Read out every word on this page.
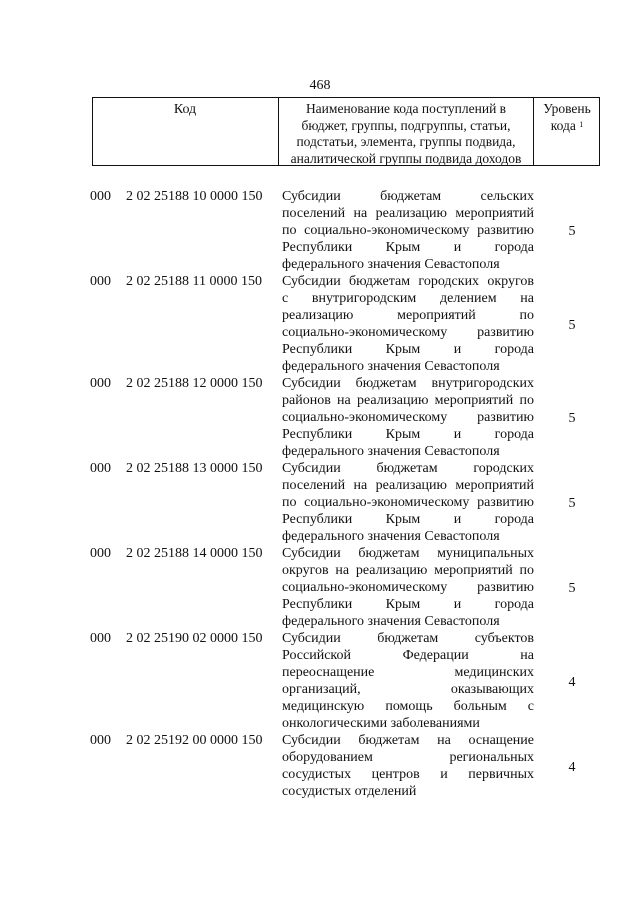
468
Код	Наименование кода поступлений в
бюджет, группы, подгруппы, статьи,
подстатьи, элемента, группы подвида,
аналитической группы подвида доходов
Уровень
кода $^1$
000 2 02 25188 10 0000 150 Субсидии бюджетам сельских
поселений на реализацию мероприятий
по социально-экономическому развитию
Республики Крым и города
федерального значения Севастополя
5
000 2 02 25188 11 0000 150 Субсидии бюджетам городских округов
с внутригородским делением на
реализацию мероприятий по
социально-экономическому развитию
Республики Крым и города
федерального значения Севастополя
5
000 2 02 25188 12 0000 150 Субсидии бюджетам внутригородских
районов на реализацию мероприятий по
социально-экономическому развитию
Республики Крым и города
федерального значения Севастополя
5
000 2 02 25188 13 0000 150 Субсидии бюджетам городских
поселений на реализацию мероприятий
по социально-экономическому развитию
Республики Крым и города
федерального значения Севастополя
5
000 2 02 25188 14 0000 150 Субсидии бюджетам муниципальных
округов на реализацию мероприятий по
социально-экономическому развитию
Республики Крым и города
федерального значения Севастополя
5
000 2 02 25190 02 0000 150 Субсидии бюджетам субъектов
Российской Федерации на
переоснащение медицинских
организаций, оказывающих
медицинскую помощь больным с
онкологическими заболеваниями
4
000 2 02 25192 00 0000 150 Субсидии бюджетам на оснащение
оборудованием региональных
сосудистых центров и первичных
сосудистых отделений
4
